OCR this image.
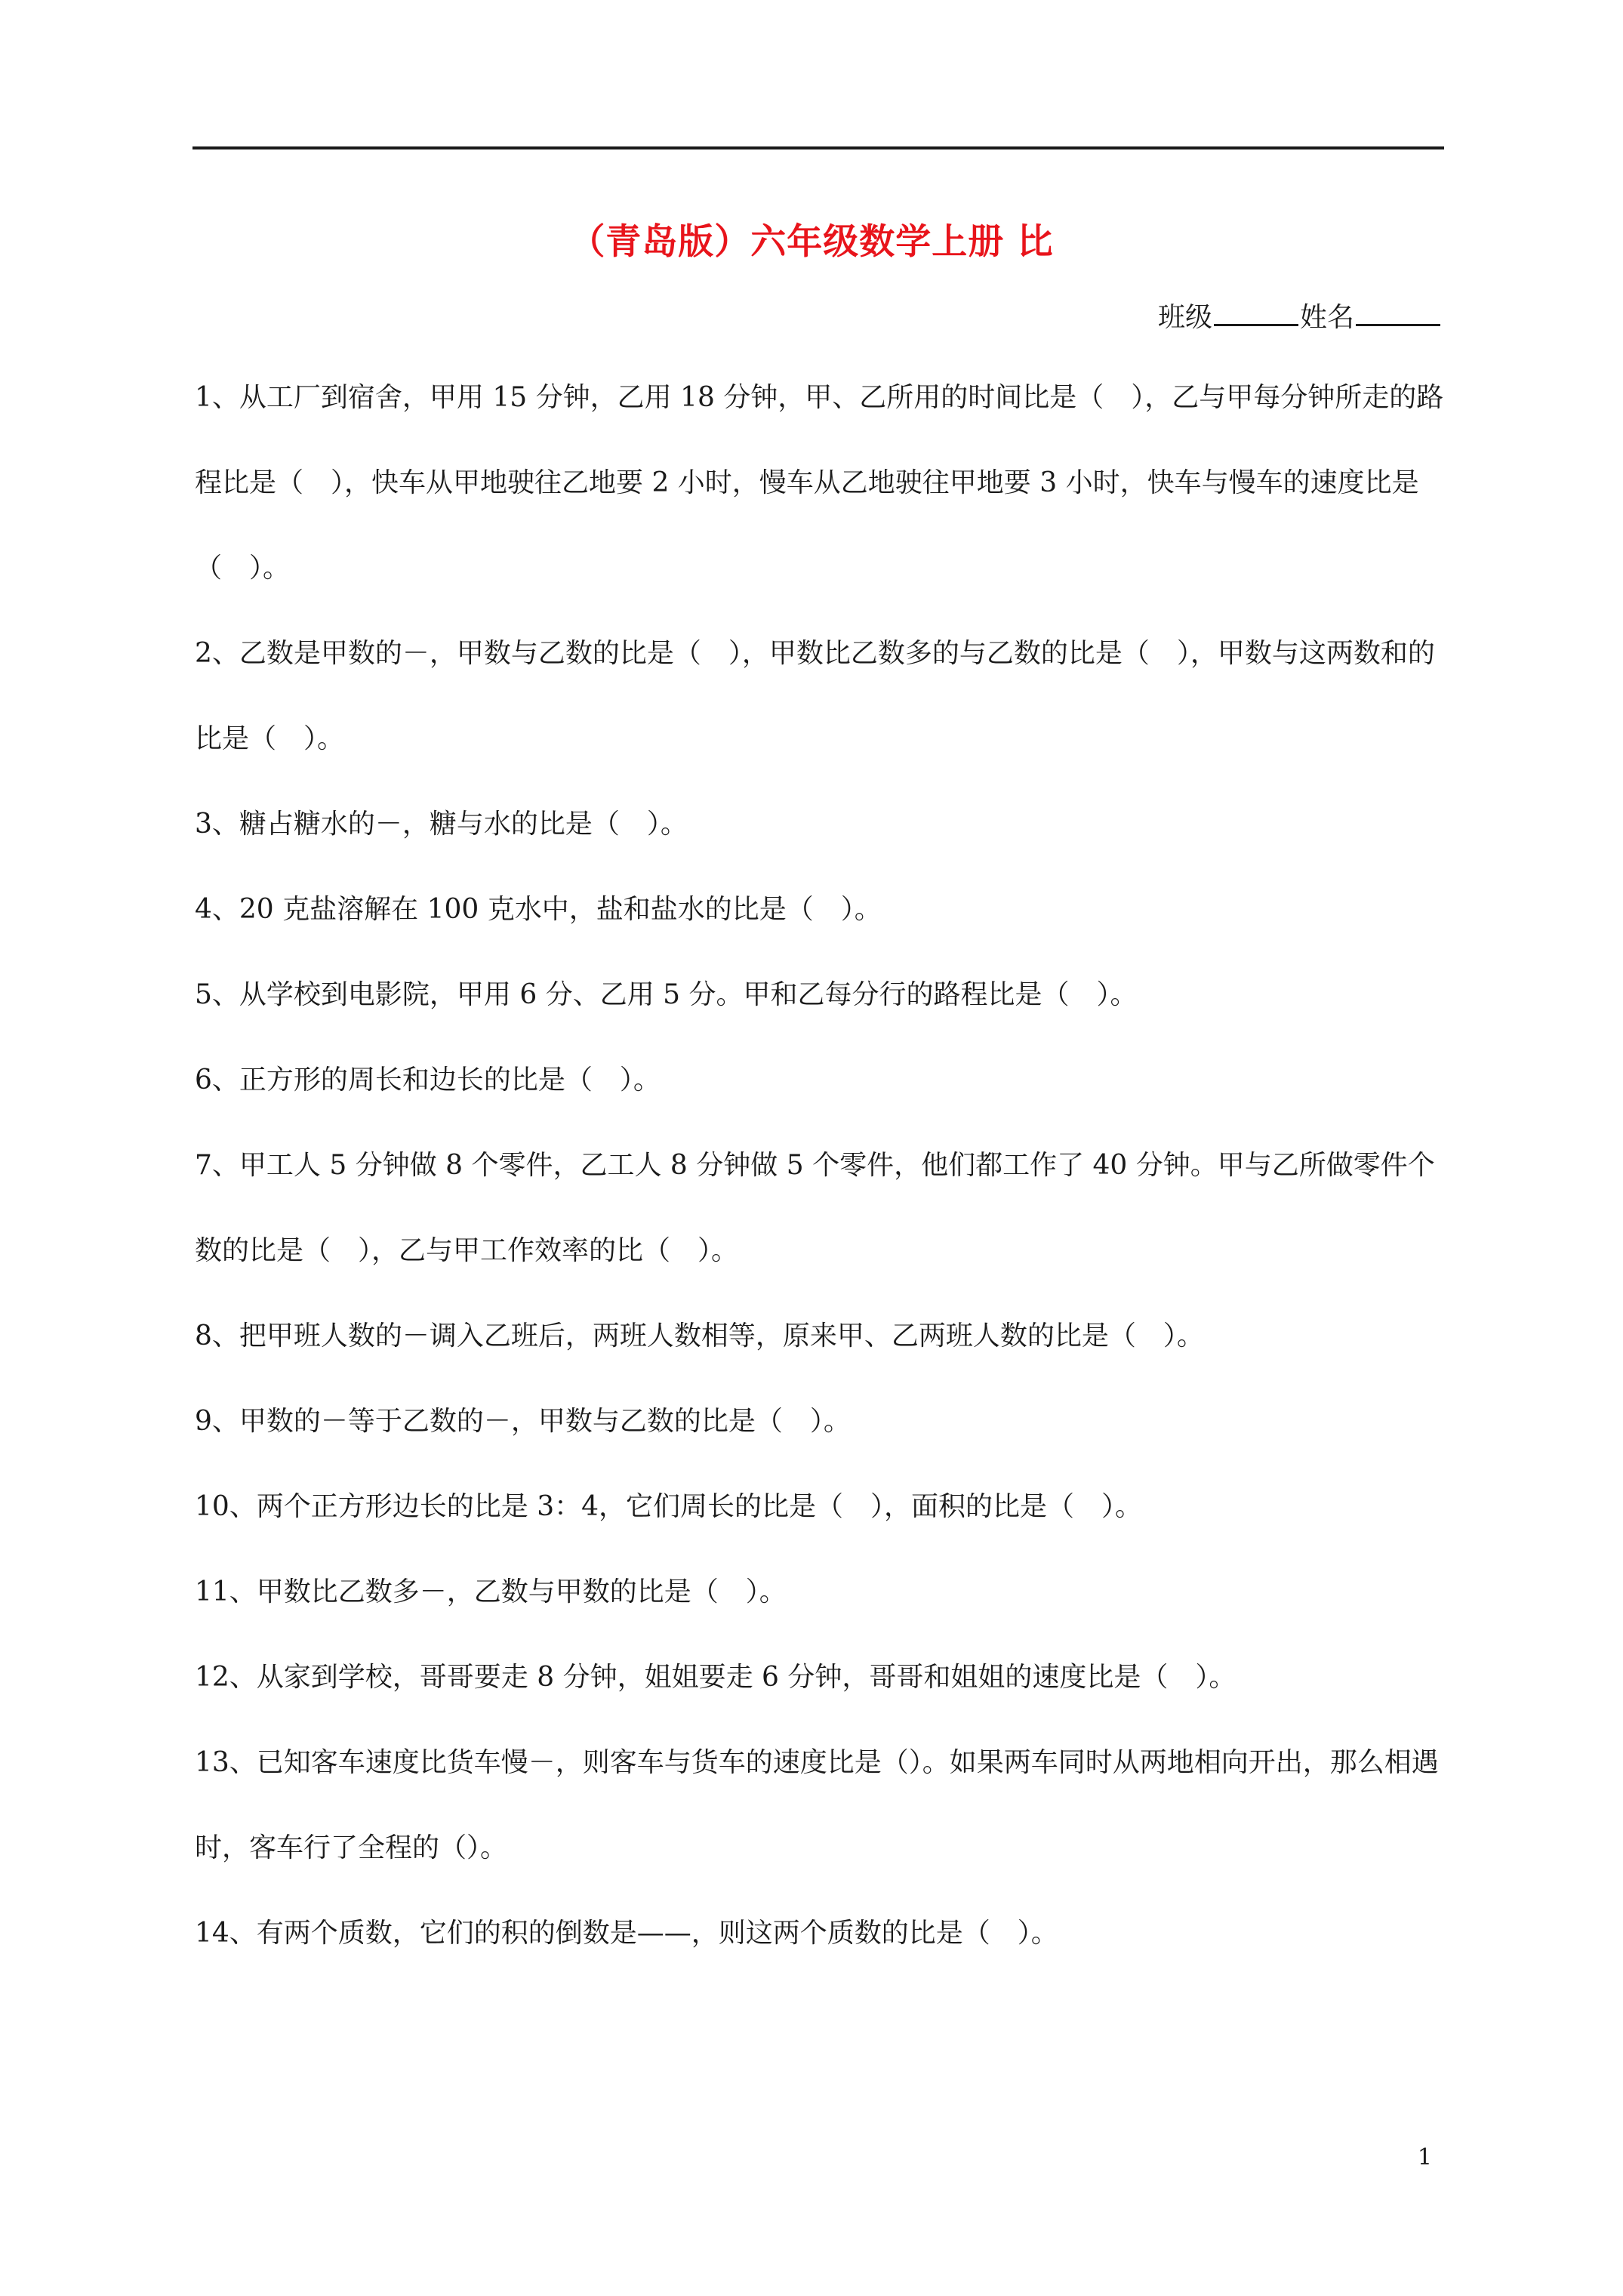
（青岛版）六年级数学上册 比
班级	姓名

1、从工厂到宿舍，甲用 15 分钟，乙用 18 分钟，甲、乙所用的时间比是（　），乙与甲每分钟所走的路程比是（　），快车从甲地驶往乙地要 2 小时，慢车从乙地驶往甲地要 3 小时，快车与慢车的速度比是（　）。

2、乙数是甲数的－，甲数与乙数的比是（　），甲数比乙数多的与乙数的比是（　），甲数与这两数和的比是（　）。

3、糖占糖水的－，糖与水的比是（　）。

4、20 克盐溶解在 100 克水中，盐和盐水的比是（　）。

5、从学校到电影院，甲用 6 分、乙用 5 分。甲和乙每分行的路程比是（　）。

6、正方形的周长和边长的比是（　）。

7、甲工人 5 分钟做 8 个零件，乙工人 8 分钟做 5 个零件，他们都工作了 40 分钟。甲与乙所做零件个数的比是（　），乙与甲工作效率的比（　）。

8、把甲班人数的－调入乙班后，两班人数相等，原来甲、乙两班人数的比是（　）。

9、甲数的－等于乙数的－，甲数与乙数的比是（　）。

10、两个正方形边长的比是 3：4，它们周长的比是（　），面积的比是（　）。

11、甲数比乙数多－，乙数与甲数的比是（　）。

12、从家到学校，哥哥要走 8 分钟，姐姐要走 6 分钟，哥哥和姐姐的速度比是（　）。

13、已知客车速度比货车慢－，则客车与货车的速度比是（）。如果两车同时从两地相向开出，那么相遇时，客车行了全程的（）。

14、有两个质数，它们的积的倒数是——，则这两个质数的比是（　）。

1
